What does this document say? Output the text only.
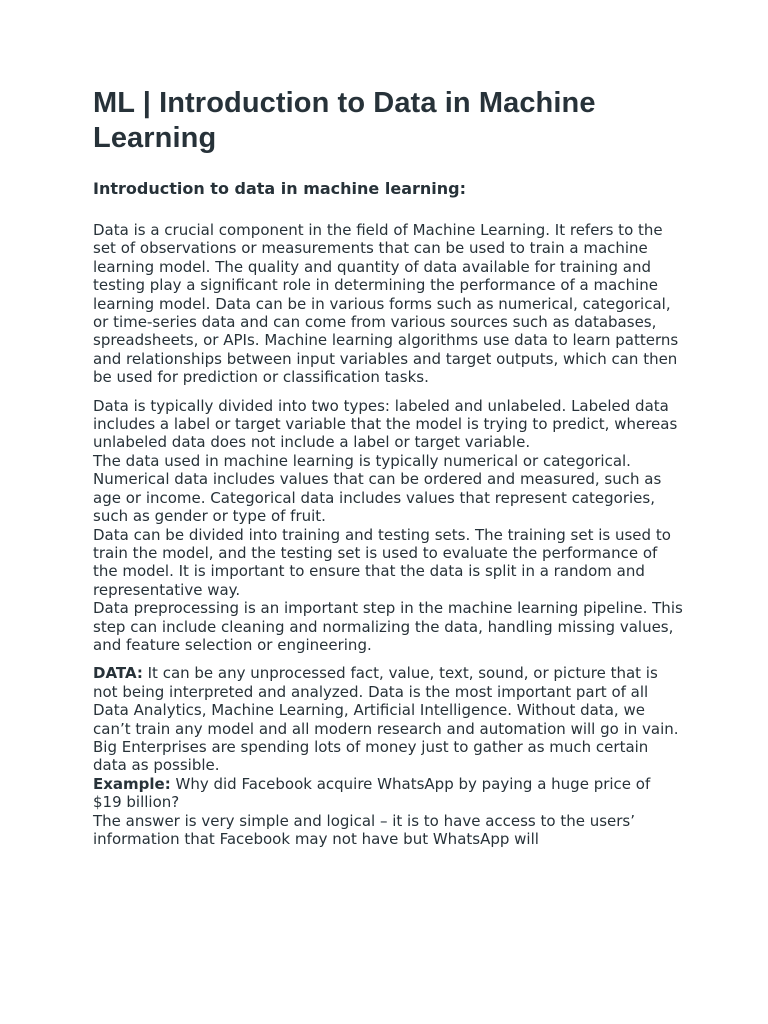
ML | Introduction to Data in Machine Learning
Introduction to data in machine learning:

Data is a crucial component in the field of Machine Learning. It refers to the set of observations or measurements that can be used to train a machine learning model. The quality and quantity of data available for training and testing play a significant role in determining the performance of a machine learning model. Data can be in various forms such as numerical, categorical, or time-series data and can come from various sources such as databases, spreadsheets, or APIs. Machine learning algorithms use data to learn patterns and relationships between input variables and target outputs, which can then be used for prediction or classification tasks.

Data is typically divided into two types: labeled and unlabeled. Labeled data includes a label or target variable that the model is trying to predict, whereas unlabeled data does not include a label or target variable.
The data used in machine learning is typically numerical or categorical. Numerical data includes values that can be ordered and measured, such as age or income. Categorical data includes values that represent categories, such as gender or type of fruit.
Data can be divided into training and testing sets. The training set is used to train the model, and the testing set is used to evaluate the performance of the model. It is important to ensure that the data is split in a random and representative way.
Data preprocessing is an important step in the machine learning pipeline. This step can include cleaning and normalizing the data, handling missing values, and feature selection or engineering.

DATA: It can be any unprocessed fact, value, text, sound, or picture that is not being interpreted and analyzed. Data is the most important part of all Data Analytics, Machine Learning, Artificial Intelligence. Without data, we can’t train any model and all modern research and automation will go in vain. Big Enterprises are spending lots of money just to gather as much certain data as possible.
Example: Why did Facebook acquire WhatsApp by paying a huge price of $19 billion?
The answer is very simple and logical – it is to have access to the users’ information that Facebook may not have but WhatsApp will
